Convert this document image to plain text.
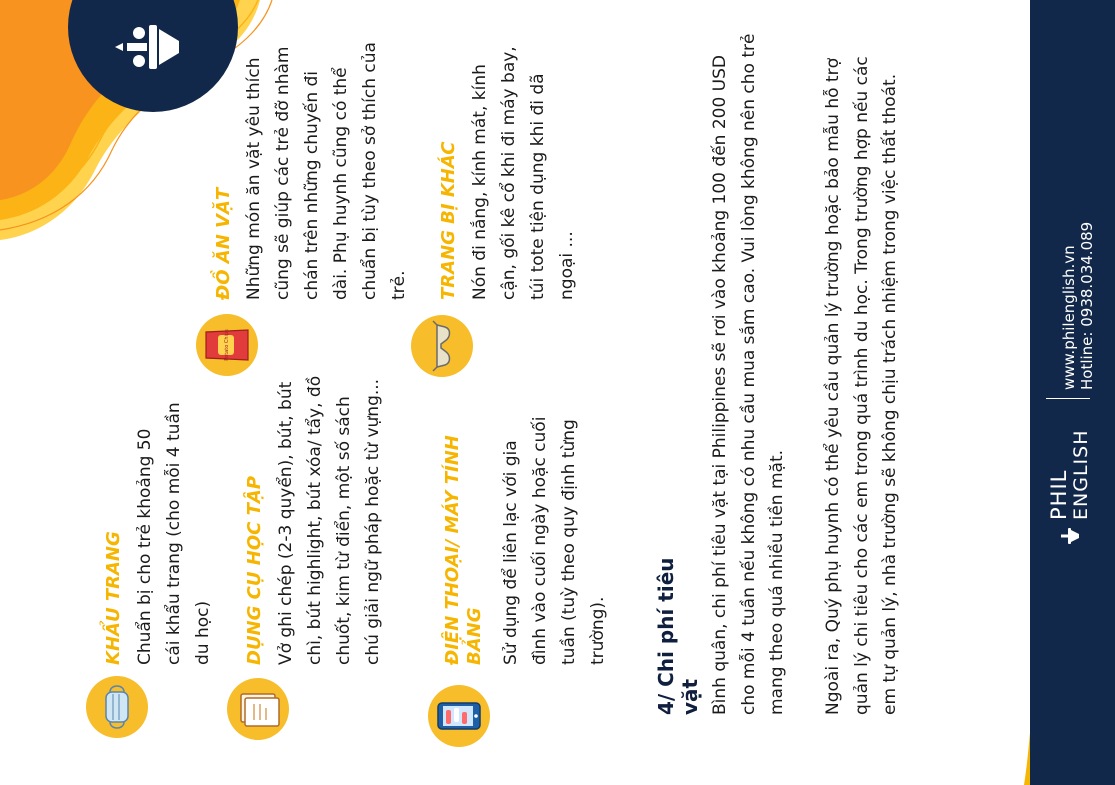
KHẨU TRANG Chuẩn bị cho trẻ khoảng 50 cái khẩu trang (cho mỗi 4 tuần du học) DỤNG CỤ HỌC TẬP Vở ghi chép (2-3 quyển), bút, bút chì, bút highlight, bút xóa/ tẩy, đồ chuốt, kim từ điển, một số sách chú giải ngữ pháp hoặc từ vựng...	ĐIỆN THOẠI/ MÁY TÍNH BẢNG Sử dụng để liên lạc với gia đình vào cuối ngày hoặc cuối tuần (tuỳ theo quy định từng trường).
Potato Chips
ĐỒ ĂN VẶT Những món ăn vặt yêu thích cũng sẽ giúp các trẻ đỡ nhàm chán trên những chuyến đi dài. Phụ huynh cũng có thể chuẩn bị tùy theo sở thích của trẻ. TRANG BỊ KHÁC Nón đi nắng, kính mát, kính cận, gối kê cổ khi đi máy bay, túi tote tiện dụng khi đi dã ngoại ...
4/ Chi phí tiêu vặt Bình quân, chi phí tiêu vặt tại Philippines sẽ rơi vào khoảng 100 đến 200 USD cho mỗi 4 tuần nếu không có nhu cầu mua sắm cao. Vui lòng không nên cho trẻ mang theo quá nhiều tiền mặt. Ngoài ra, Quý phụ huynh có thể yêu cầu quản lý trường hoặc bảo mẫu hỗ trợ quản lý chi tiêu cho các em trong quá trình du học. Trong trường hợp nếu các em tự quản lý, nhà trường sẽ không chịu trách nhiệm trong việc thất thoát.	PHIL ENGLISH
www.philenglish.vn Hotline: 0938.034.089
